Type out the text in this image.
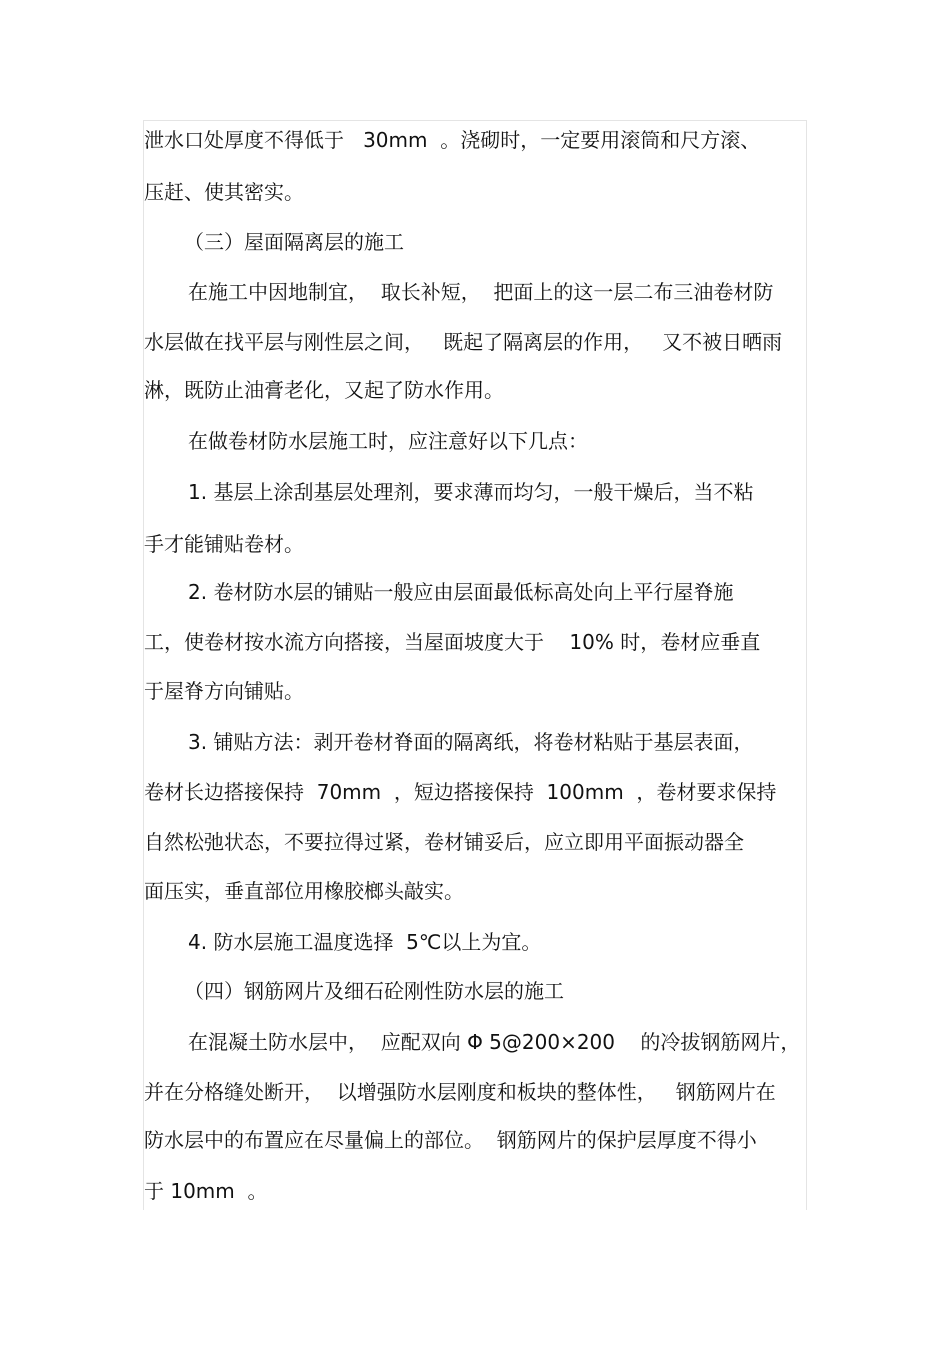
泄水口处厚度不得低于   30mm  。浇砌时，一定要用滚筒和尺方滚、
压赶、使其密实。
（三）屋面隔离层的施工
在施工中因地制宜，  取长补短，  把面上的这一层二布三油卷材防
水层做在找平层与刚性层之间，   既起了隔离层的作用，   又不被日晒雨
淋，既防止油膏老化，又起了防水作用。
在做卷材防水层施工时，应注意好以下几点：
1. 基层上涂刮基层处理剂，要求薄而均匀，一般干燥后，当不粘
手才能铺贴卷材。
2. 卷材防水层的铺贴一般应由层面最低标高处向上平行屋脊施
工，使卷材按水流方向搭接，当屋面坡度大于    10% 时，卷材应垂直
于屋脊方向铺贴。
3. 铺贴方法：剥开卷材脊面的隔离纸，将卷材粘贴于基层表面，
卷材长边搭接保持  70mm  ，短边搭接保持  100mm  ，卷材要求保持
自然松弛状态，不要拉得过紧，卷材铺妥后，应立即用平面振动器全
面压实，垂直部位用橡胶榔头敲实。
4. 防水层施工温度选择  5℃以上为宜。
（四）钢筋网片及细石砼刚性防水层的施工
在混凝土防水层中，  应配双向 Φ 5@200×200    的冷拔钢筋网片，
并在分格缝处断开，  以增强防水层刚度和板块的整体性，   钢筋网片在
防水层中的布置应在尽量偏上的部位。  钢筋网片的保护层厚度不得小
于 10mm  。
